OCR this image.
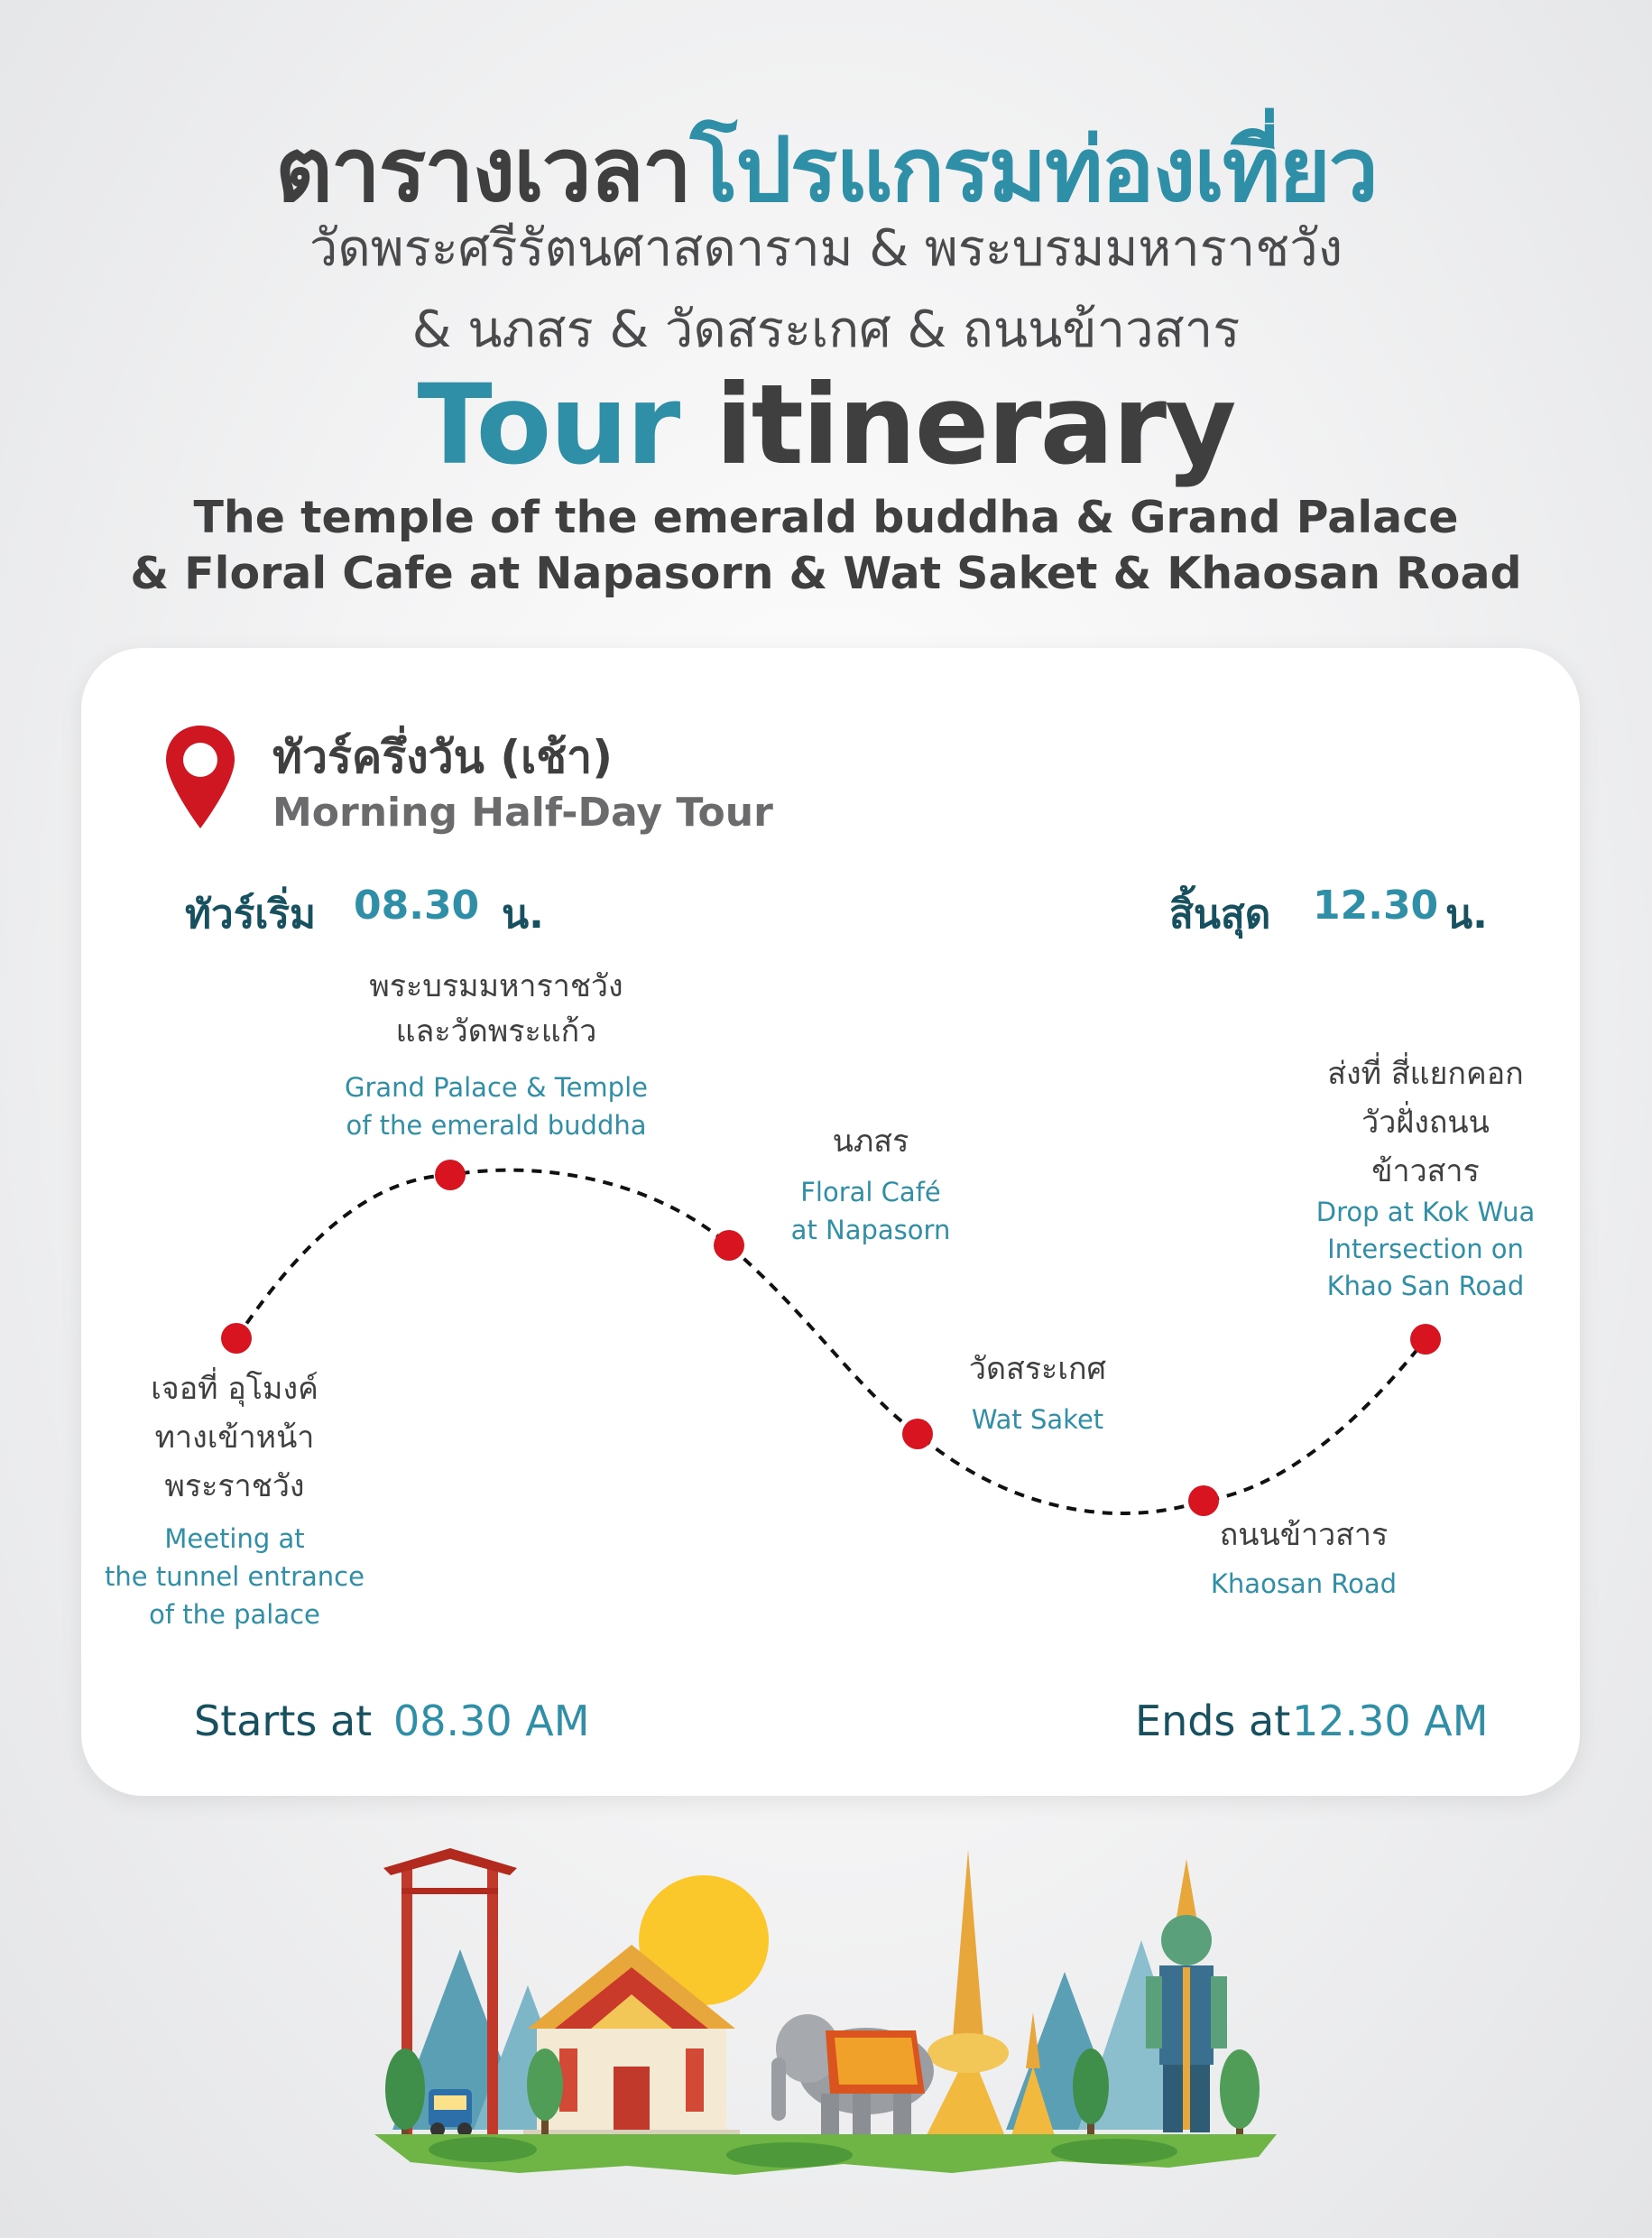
ตารางเวลาโปรแกรมท่องเที่ยว
วัดพระศรีรัตนศาสดาราม & พระบรมมหาราชวัง
& นภสร & วัดสระเกศ & ถนนข้าวสาร
Tour itinerary
The temple of the emerald buddha & Grand Palace
& Floral Cafe at Napasorn & Wat Saket & Khaosan Road
ทัวร์ครึ่งวัน (เช้า)
Morning Half-Day Tour
ทัวร์เริ่ม 08.30 น.	สิ้นสุด 12.30 น.
เจอที่ อุโมงค์
ทางเข้าหน้า
พระราชวัง
Meeting at
the tunnel entrance
of the palace
พระบรมมหาราชวัง
และวัดพระแก้ว
Grand Palace & Temple
of the emerald buddha	นภสร
Floral Café
at Napasorn
วัดสระเกศ
Wat Saket
ถนนข้าวสาร
Khaosan Road
ส่งที่ สี่แยกคอก
วัวฝั่งถนน
ข้าวสาร
Drop at Kok Wua
Intersection on
Khao San Road
Starts at 08.30 AM	Ends at 12.30 AM
